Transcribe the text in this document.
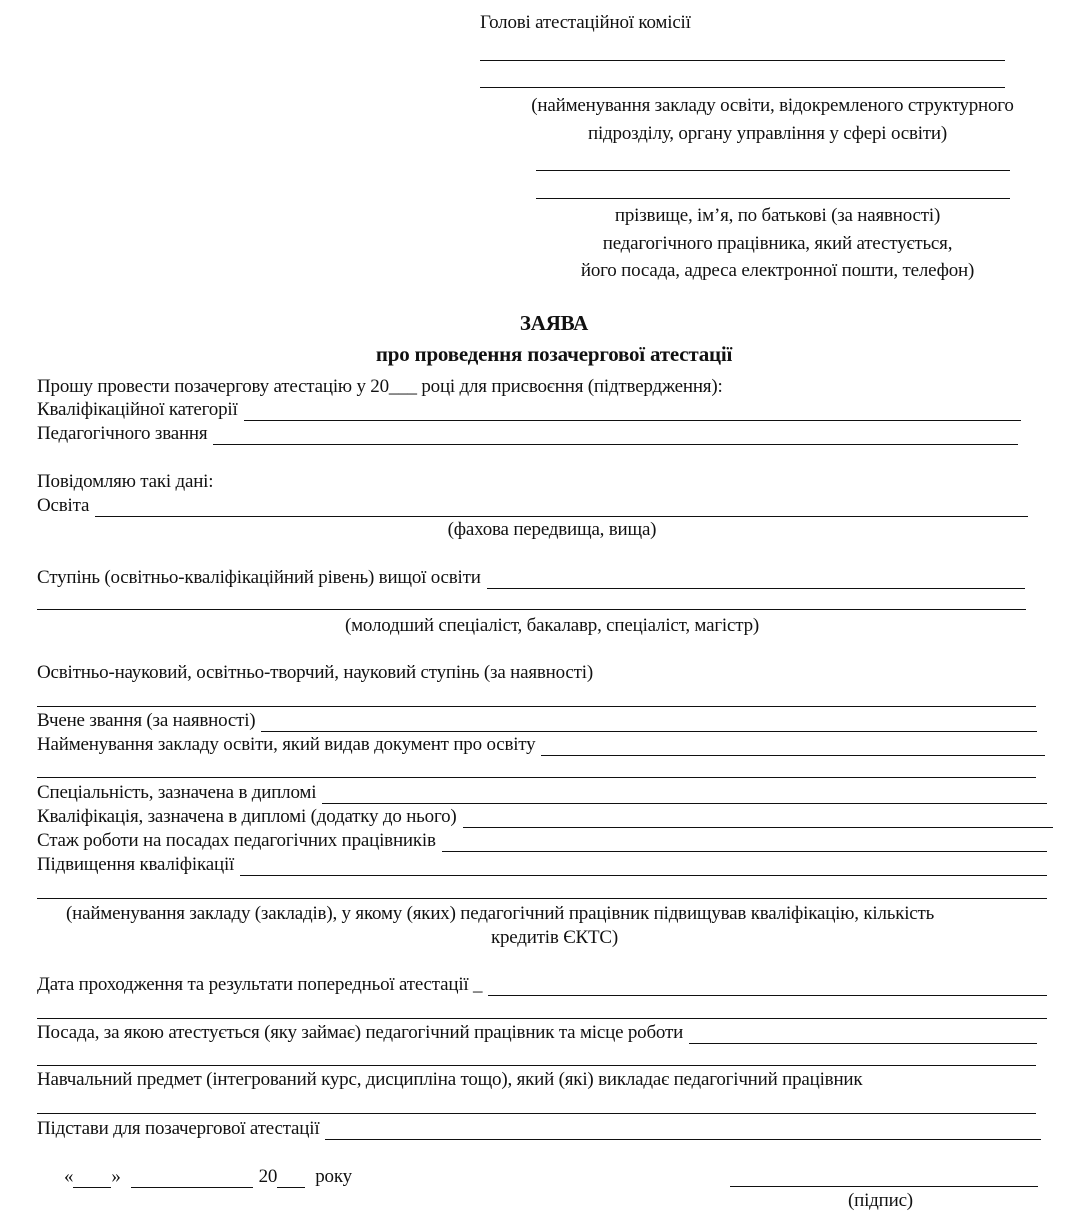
Голові атестаційної комісії
(найменування закладу освіти, відокремленого структурного
підрозділу, органу управління у сфері освіти)
прізвище, ім’я, по батькові (за наявності)
педагогічного працівника, який атестується,
його посада, адреса електронної пошти, телефон)
ЗАЯВА
про проведення позачергової атестації
Прошу провести позачергову атестацію у 20___ році для присвоєння (підтвердження):
Кваліфікаційної категорії
Педагогічного звання
Повідомляю такі дані:
Освіта
(фахова передвища, вища)
Ступінь (освітньо-кваліфікаційний рівень) вищої освіти
(молодший спеціаліст, бакалавр, спеціаліст, магістр)
Освітньо-науковий, освітньо-творчий, науковий ступінь (за наявності)
Вчене звання (за наявності)
Найменування закладу освіти, який видав документ про освіту
Спеціальність, зазначена в дипломі
Кваліфікація, зазначена в дипломі (додатку до нього)
Стаж роботи на посадах педагогічних працівників
Підвищення кваліфікації
(найменування закладу (закладів), у якому (яких) педагогічний працівник підвищував кваліфікацію, кількість
кредитів ЄКТС)
Дата проходження та результати попередньої атестації _
Посада, за якою атестується (яку займає) педагогічний працівник та місце роботи
Навчальний предмет (інтегрований курс, дисципліна тощо), який (які) викладає педагогічний працівник
Підстави для позачергової атестації
« »	20 року
(підпис)
